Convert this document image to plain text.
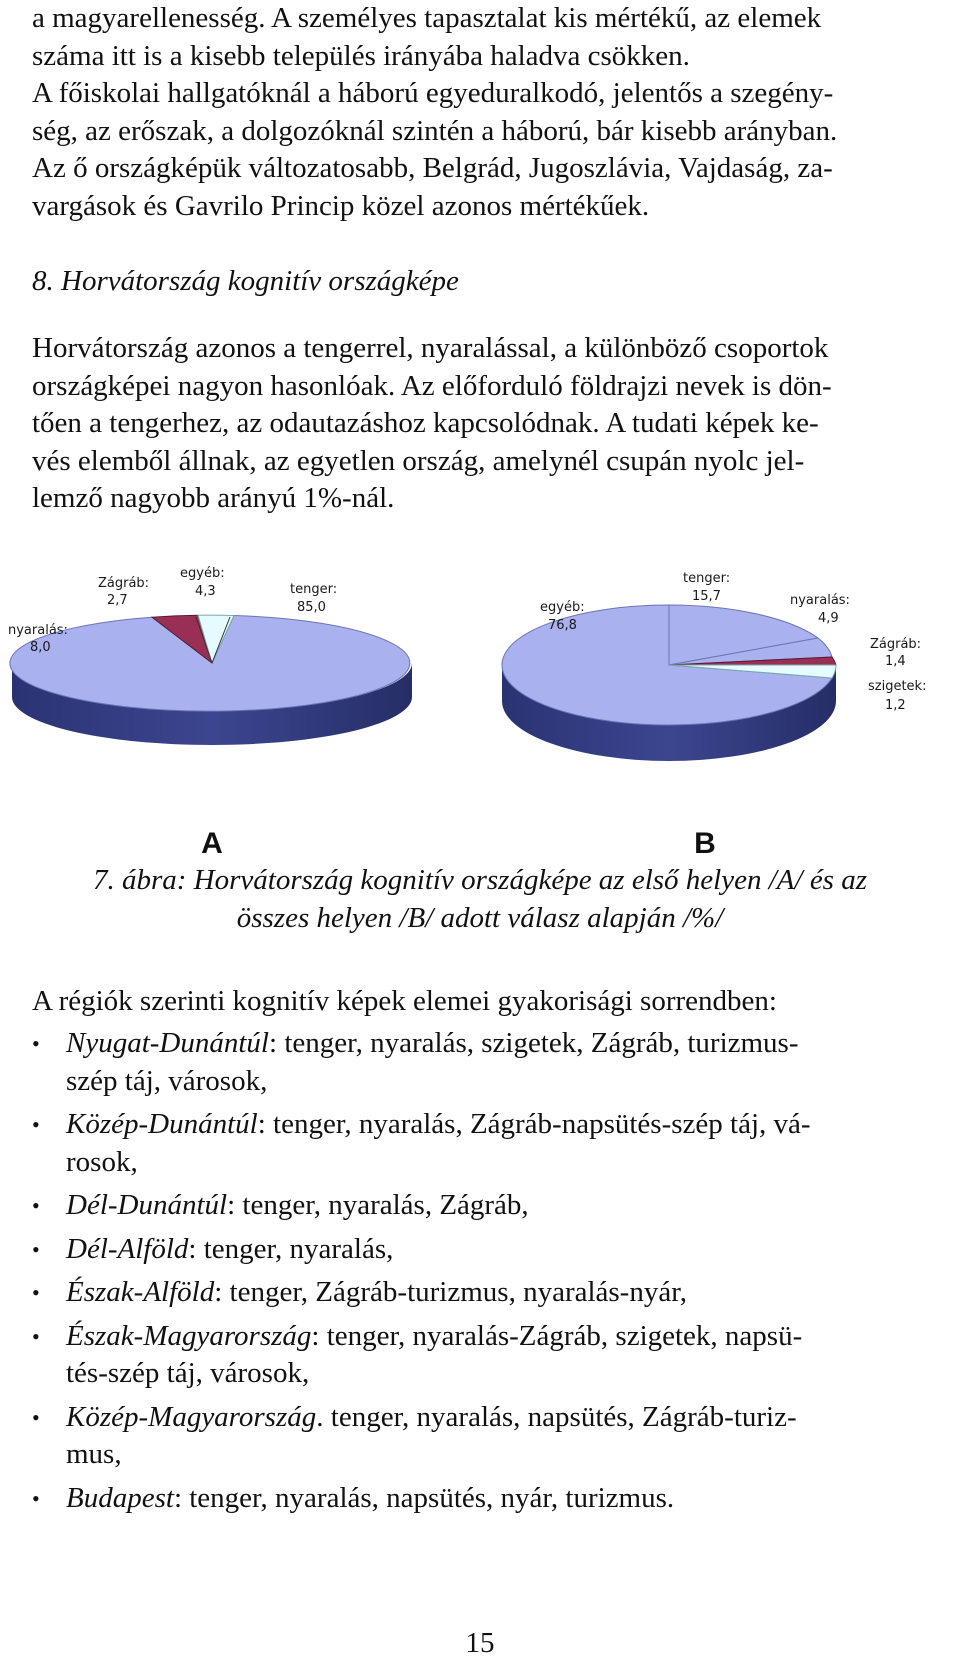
a magyarellenesség. A személyes tapasztalat kis mértékű, az elemek
száma itt is a kisebb település irányába haladva csökken.
A főiskolai hallgatóknál a háború egyeduralkodó, jelentős a szegény-
ség, az erőszak, a dolgozóknál szintén a háború, bár kisebb arányban.
Az ő országképük változatosabb, Belgrád, Jugoszlávia, Vajdaság, za-
vargások és Gavrilo Princip közel azonos mértékűek.

8. Horvátország kognitív országképe

Horvátország azonos a tengerrel, nyaralással, a különböző csoportok
országképei nagyon hasonlóak. Az előforduló földrajzi nevek is dön-
tően a tengerhez, az odautazáshoz kapcsolódnak. A tudati képek ke-
vés elemből állnak, az egyetlen ország, amelynél csupán nyolc jel-
lemző nagyobb arányú 1%-nál.
Zágráb:
2,7
egyéb:
4,3	tenger:
85,0
nyaralás:
8,0
A
egyéb:
76,8
tenger:
15,7	nyaralás:
4,9
Zágráb:
1,4
szigetek:
1,2
B
7. ábra: Horvátország kognitív országképe az első helyen /A/ és az
összes helyen /B/ adott válasz alapján /%/
A régiók szerinti kognitív képek elemei gyakorisági sorrendben:
• Nyugat-Dunántúl: tenger, nyaralás, szigetek, Zágráb, turizmus-
szép táj, városok,
• Közép-Dunántúl: tenger, nyaralás, Zágráb-napsütés-szép táj, vá-
rosok,
• Dél-Dunántúl: tenger, nyaralás, Zágráb,
• Dél-Alföld: tenger, nyaralás,
• Észak-Alföld: tenger, Zágráb-turizmus, nyaralás-nyár,
• Észak-Magyarország: tenger, nyaralás-Zágráb, szigetek, napsü-
tés-szép táj, városok,
• Közép-Magyarország. tenger, nyaralás, napsütés, Zágráb-turiz-
mus,
• Budapest: tenger, nyaralás, napsütés, nyár, turizmus.
15
